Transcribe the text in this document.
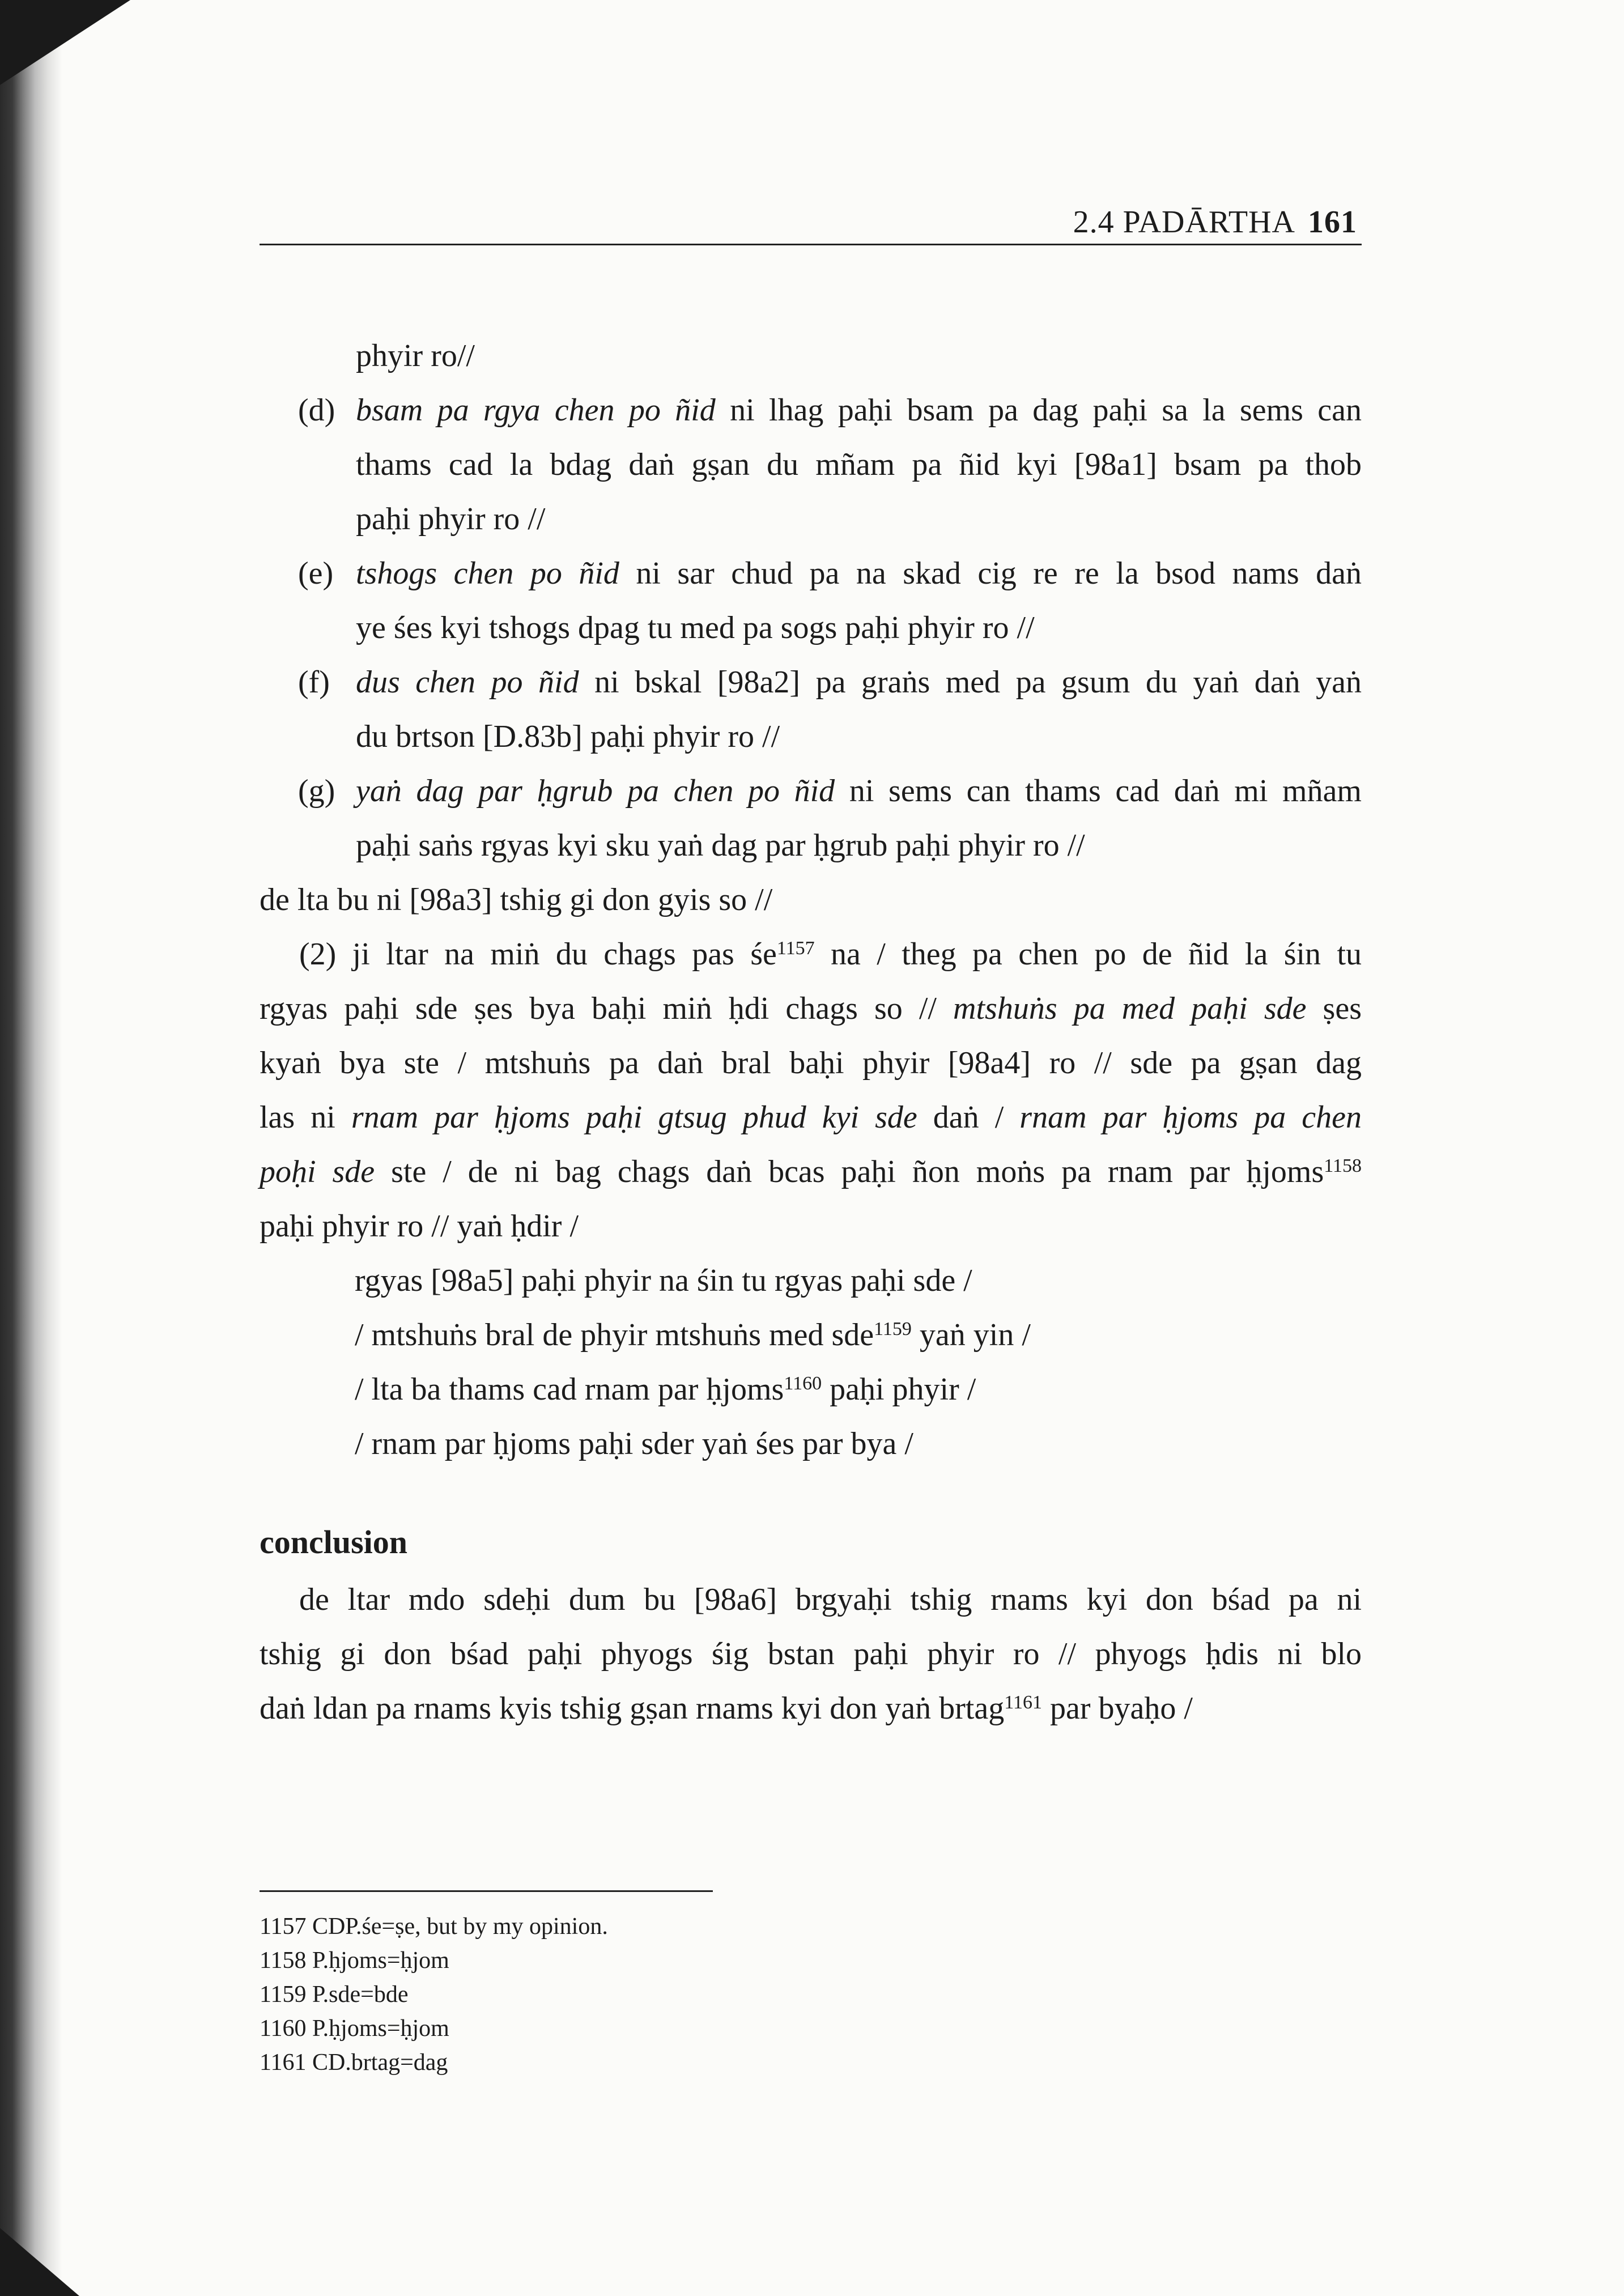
2.4 PADĀRTHA 161
phyir ro//
(d) bsam pa rgya chen po ñid ni lhag paḥi bsam pa dag paḥi sa la sems can
thams cad la bdag daṅ gṣan du mñam pa ñid kyi [98a1] bsam pa thob
paḥi phyir ro //
(e) tshogs chen po ñid ni sar chud pa na skad cig re re la bsod nams daṅ
ye śes kyi tshogs dpag tu med pa sogs paḥi phyir ro //
(f) dus chen po ñid ni bskal [98a2] pa graṅs med pa gsum du yaṅ daṅ yaṅ
du brtson [D.83b] paḥi phyir ro //
(g) yaṅ dag par ḥgrub pa chen po ñid ni sems can thams cad daṅ mi mñam
paḥi saṅs rgyas kyi sku yaṅ dag par ḥgrub paḥi phyir ro //
de lta bu ni [98a3] tshig gi don gyis so //
(2) ji ltar na miṅ du chags pas $śe^{1157}$ na / theg pa chen po de ñid la śin tu
rgyas paḥi sde ṣes bya baḥi miṅ ḥdi chags so // mtshuṅs pa med paḥi sde ṣes
kyaṅ bya ste / mtshuṅs pa daṅ bral baḥi phyir [98a4] ro // sde pa gṣan dag
las ni rnam par ḥjoms paḥi gtsug phud kyi sde daṅ / rnam par ḥjoms pa chen
poḥi sde ste / de ni bag chags daṅ bcas paḥi ñon moṅs pa rnam par ḥjoms$^{1158}$
paḥi phyir ro // yaṅ ḥdir /
rgyas [98a5] paḥi phyir na śin tu rgyas paḥi sde /
/ mtshuṅs bral de phyir mtshuṅs med sde$^{1159}$ yaṅ yin /
/ lta ba thams cad rnam par ḥjoms$^{1160}$ paḥi phyir /
/ rnam par ḥjoms paḥi sder yaṅ śes par bya /
conclusion
de ltar mdo sdeḥi dum bu [98a6] brgyaḥi tshig rnams kyi don bśad pa ni
tshig gi don bśad paḥi phyogs śig bstan paḥi phyir ro // phyogs ḥdis ni blo
daṅ ldan pa rnams kyis tshig gṣan rnams kyi don yaṅ brtag$^{1161}$ par byaḥo /
1157 CDP.śe=ṣe, but by my opinion.
1158 P.ḥjoms=ḥjom
1159 P.sde=bde
1160 P.ḥjoms=ḥjom
1161 CD.brtag=dag
